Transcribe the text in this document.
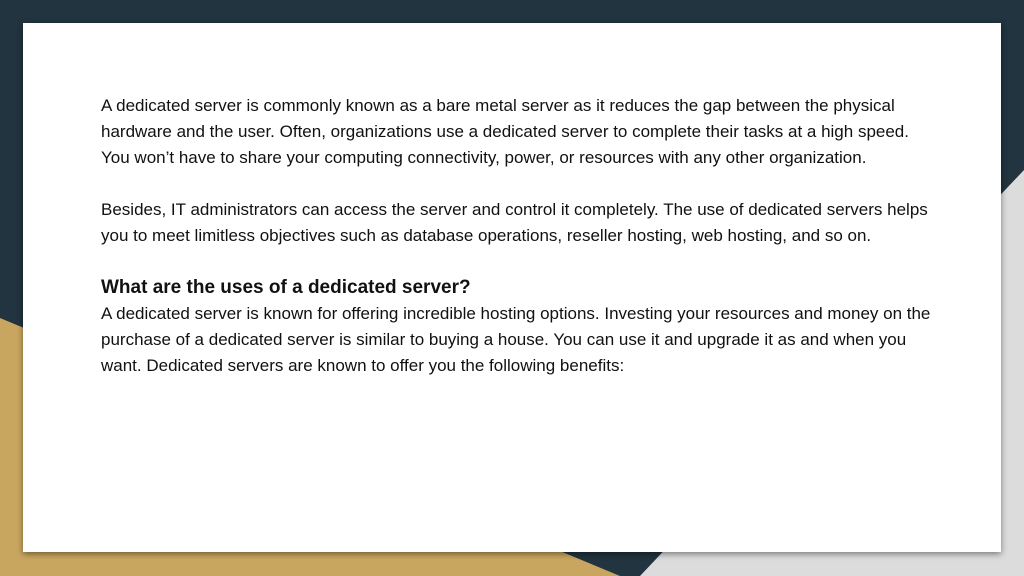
A dedicated server is commonly known as a bare metal server as it reduces the gap between the physical hardware and the user. Often, organizations use a dedicated server to complete their tasks at a high speed. You won’t have to share your computing connectivity, power, or resources with any other organization.

Besides, IT administrators can access the server and control it completely. The use of dedicated servers helps you to meet limitless objectives such as database operations, reseller hosting, web hosting, and so on.

What are the uses of a dedicated server?

A dedicated server is known for offering incredible hosting options. Investing your resources and money on the purchase of a dedicated server is similar to buying a house. You can use it and upgrade it as and when you want. Dedicated servers are known to offer you the following benefits:
